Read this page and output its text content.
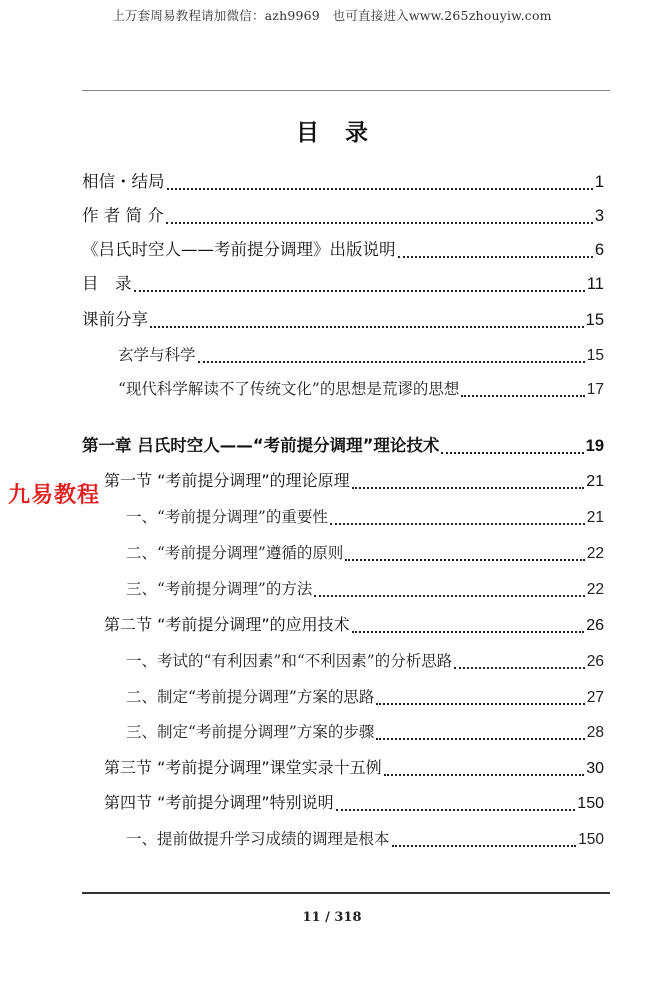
上万套周易教程请加微信：azh9969　也可直接进入www.265zhouyiw.com
目录
相信・结局	1
作 者 简 介	3
《吕氏时空人——考前提分调理》出版说明	6
目　录	11
课前分享	15
玄学与科学	15
“现代科学解读不了传统文化”的思想是荒谬的思想	17
第一章 吕氏时空人——“考前提分调理”理论技术	19
第一节 “考前提分调理”的理论原理	21
一、“考前提分调理”的重要性	21
二、“考前提分调理”遵循的原则	22
三、“考前提分调理”的方法	22
第二节 “考前提分调理”的应用技术	26
一、考试的“有利因素”和“不利因素”的分析思路	26
二、制定“考前提分调理”方案的思路	27
三、制定“考前提分调理”方案的步骤	28
第三节 “考前提分调理”课堂实录十五例	30
第四节 “考前提分调理”特别说明	150
一、提前做提升学习成绩的调理是根本	150
九易教程
11 / 318
